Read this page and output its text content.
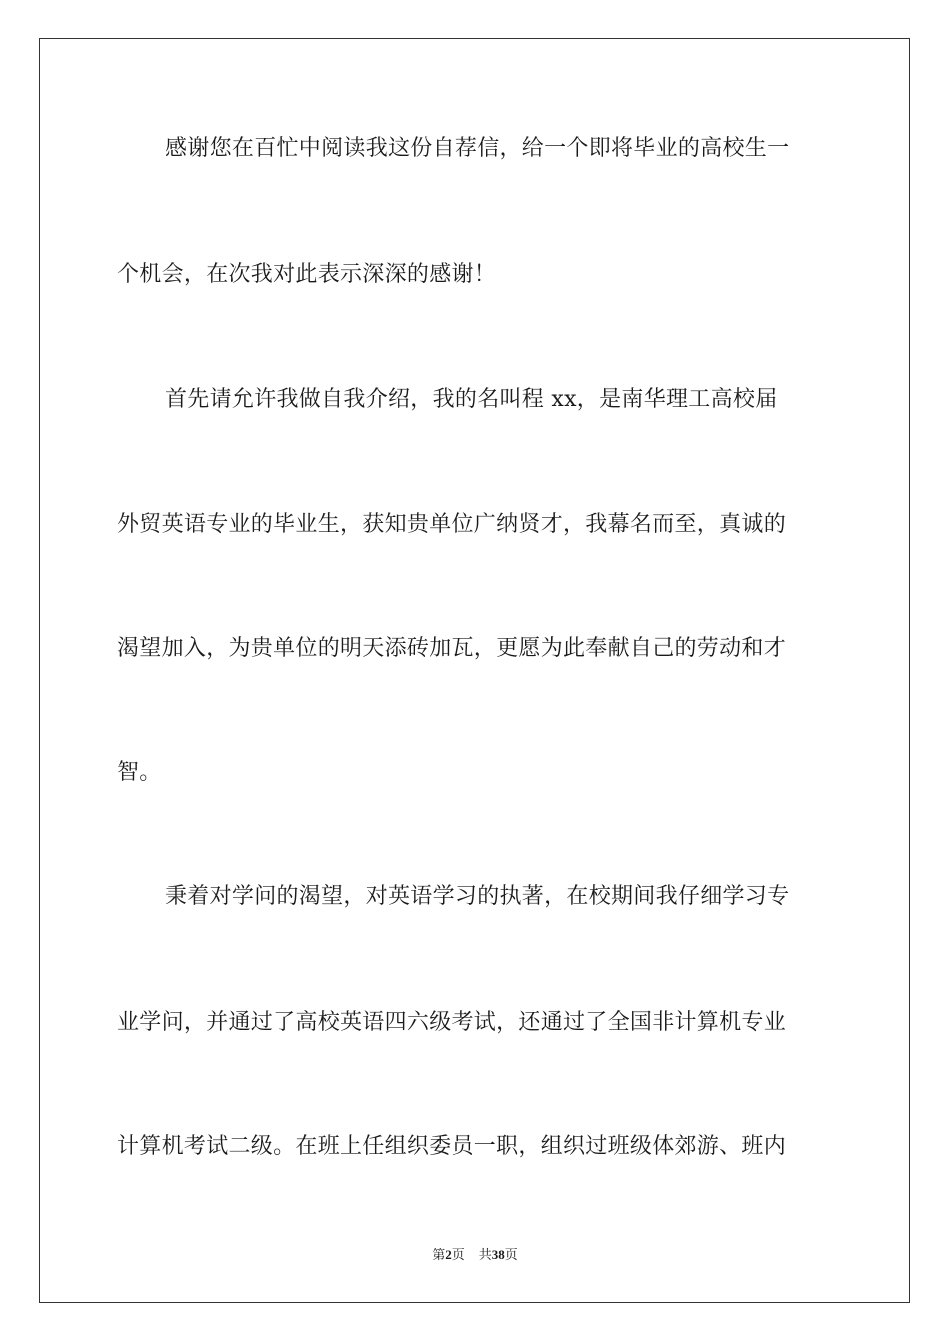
感谢您在百忙中阅读我这份自荐信，给一个即将毕业的高校生一
个机会，在次我对此表示深深的感谢！
首先请允许我做自我介绍，我的名叫程 xx，是南华理工高校届
外贸英语专业的毕业生，获知贵单位广纳贤才，我幕名而至，真诚的
渴望加入，为贵单位的明天添砖加瓦，更愿为此奉献自己的劳动和才
智。
秉着对学问的渴望，对英语学习的执著，在校期间我仔细学习专
业学问，并通过了高校英语四六级考试，还通过了全国非计算机专业
计算机考试二级。在班上任组织委员一职，组织过班级体郊游、班内
第2页 共38页
